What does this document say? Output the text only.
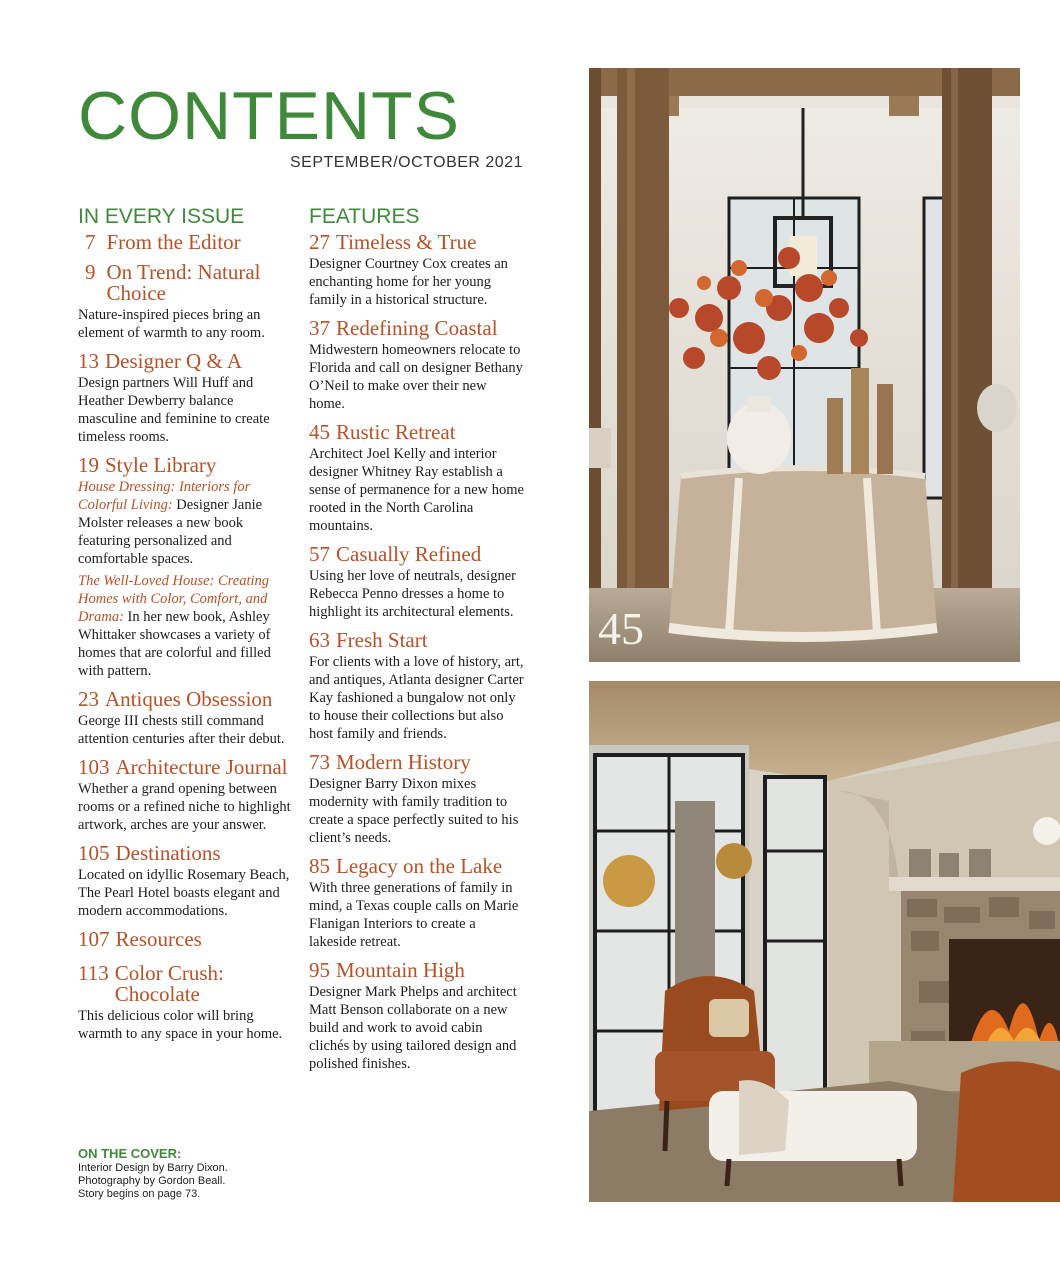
CONTENTS
SEPTEMBER/OCTOBER 2021
IN EVERY ISSUE
7 From the Editor
9 On Trend: Natural Choice
Nature-inspired pieces bring an element of warmth to any room.
13 Designer Q & A
Design partners Will Huff and Heather Dewberry balance masculine and feminine to create timeless rooms.
19 Style Library
House Dressing: Interiors for Colorful Living: Designer Janie Molster releases a new book featuring personalized and comfortable spaces.
The Well-Loved House: Creating Homes with Color, Comfort, and Drama: In her new book, Ashley Whittaker showcases a variety of homes that are colorful and filled with pattern.
23 Antiques Obsession
George III chests still command attention centuries after their debut.
103 Architecture Journal
Whether a grand opening between rooms or a refined niche to highlight artwork, arches are your answer.
105 Destinations
Located on idyllic Rosemary Beach, The Pearl Hotel boasts elegant and modern accommodations.
107 Resources
113 Color Crush: Chocolate
This delicious color will bring warmth to any space in your home.
FEATURES
27 Timeless & True
Designer Courtney Cox creates an enchanting home for her young family in a historical structure.
37 Redefining Coastal
Midwestern homeowners relocate to Florida and call on designer Bethany O’Neil to make over their new home.
45 Rustic Retreat
Architect Joel Kelly and interior designer Whitney Ray establish a sense of permanence for a new home rooted in the North Carolina mountains.
57 Casually Refined
Using her love of neutrals, designer Rebecca Penno dresses a home to highlight its architectural elements.
63 Fresh Start
For clients with a love of history, art, and antiques, Atlanta designer Carter Kay fashioned a bungalow not only to house their collections but also host family and friends.
73 Modern History
Designer Barry Dixon mixes modernity with family tradition to create a space perfectly suited to his client’s needs.
85 Legacy on the Lake
With three generations of family in mind, a Texas couple calls on Marie Flanigan Interiors to create a lakeside retreat.
95 Mountain High
Designer Mark Phelps and architect Matt Benson collaborate on a new build and work to avoid cabin clichés by using tailored design and polished finishes.
ON THE COVER:
Interior Design by Barry Dixon.
Photography by Gordon Beall.
Story begins on page 73.
45
